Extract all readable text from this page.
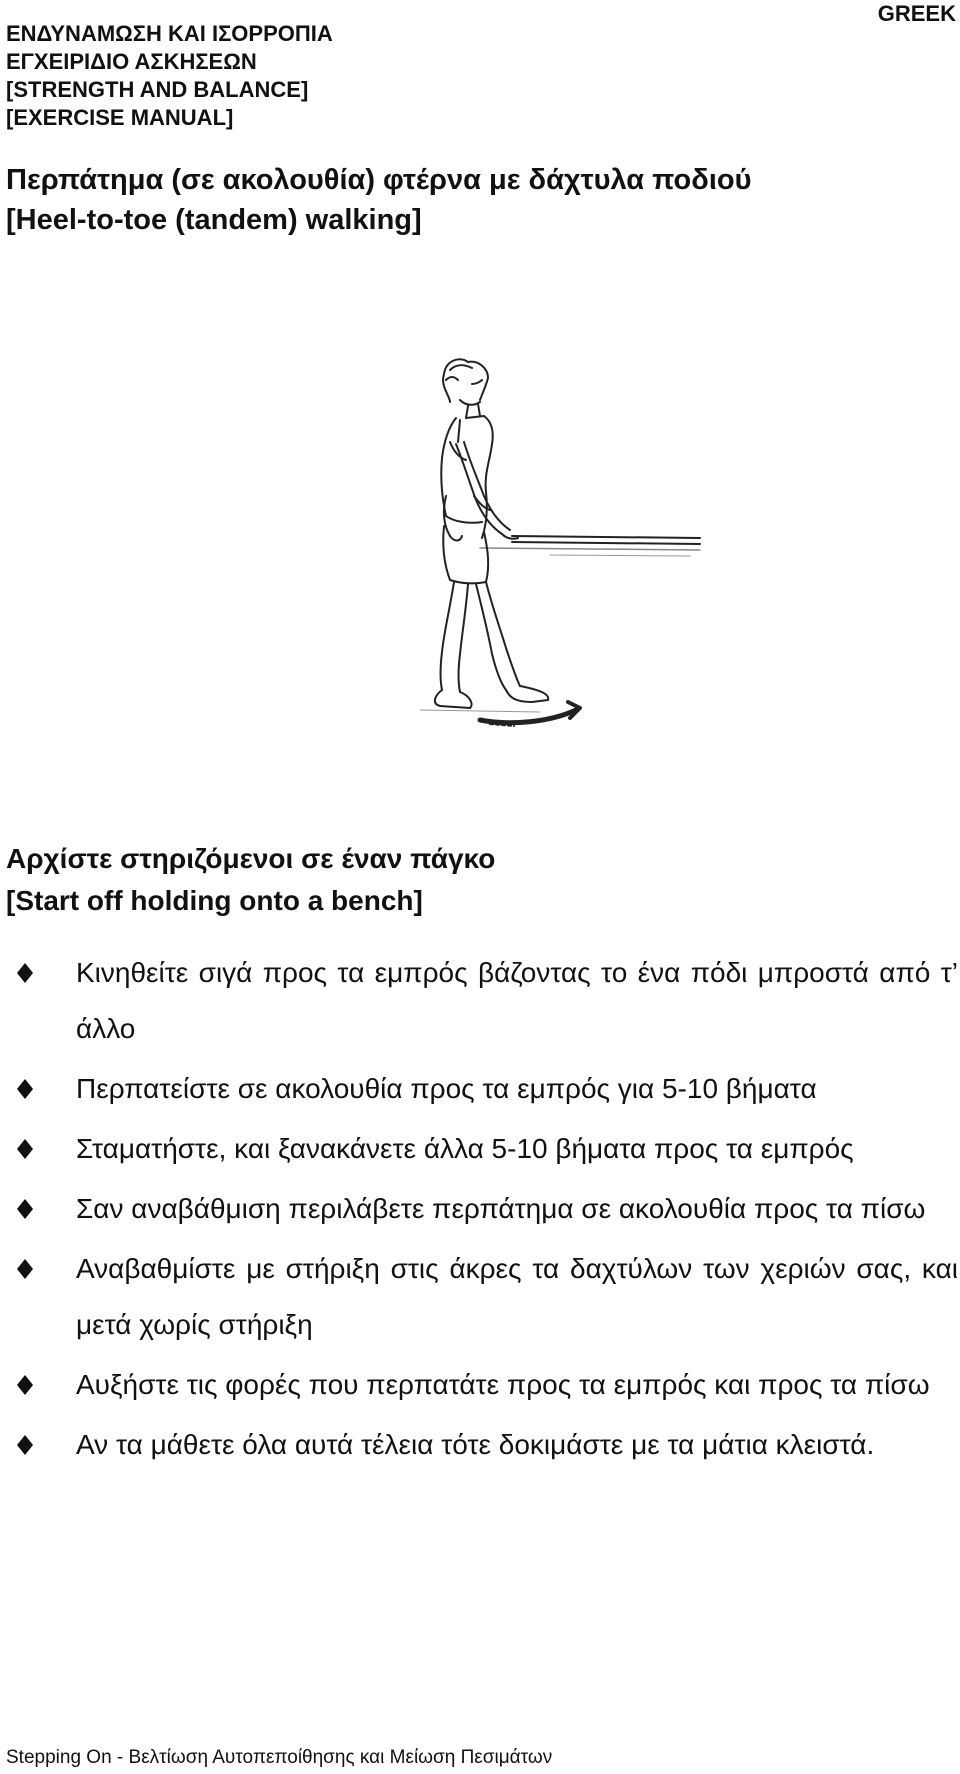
ΕΝΔΥΝΑΜΩΣΗ ΚΑΙ ΙΣΟΡΡΟΠΙΑ
ΕΓΧΕΙΡΙΔΙΟ ΑΣΚΗΣΕΩΝ
[STRENGTH AND BALANCE]
[EXERCISE MANUAL]
GREEK
Περπάτημα (σε ακολουθία) φτέρνα με δάχτυλα ποδιού
[Heel-to-toe (tandem) walking]
Αρχίστε στηριζόμενοι σε έναν πάγκο
[Start off holding onto a bench]
Κινηθείτε σιγά προς τα εμπρός βάζοντας το ένα πόδι μπροστά από τ’ άλλο
Περπατείστε σε ακολουθία προς τα εμπρός για 5-10 βήματα
Σταματήστε, και ξανακάνετε άλλα 5-10 βήματα προς τα εμπρός
Σαν αναβάθμιση περιλάβετε περπάτημα σε ακολουθία προς τα πίσω
Αναβαθμίστε με στήριξη στις άκρες τα δαχτύλων των χεριών σας, και μετά χωρίς στήριξη
Αυξήστε τις φορές που περπατάτε προς τα εμπρός και προς τα πίσω
Αν τα μάθετε όλα αυτά τέλεια τότε δοκιμάστε με τα μάτια κλειστά.
Stepping On - Βελτίωση Αυτοπεποίθησης και Μείωση Πεσιμάτων
